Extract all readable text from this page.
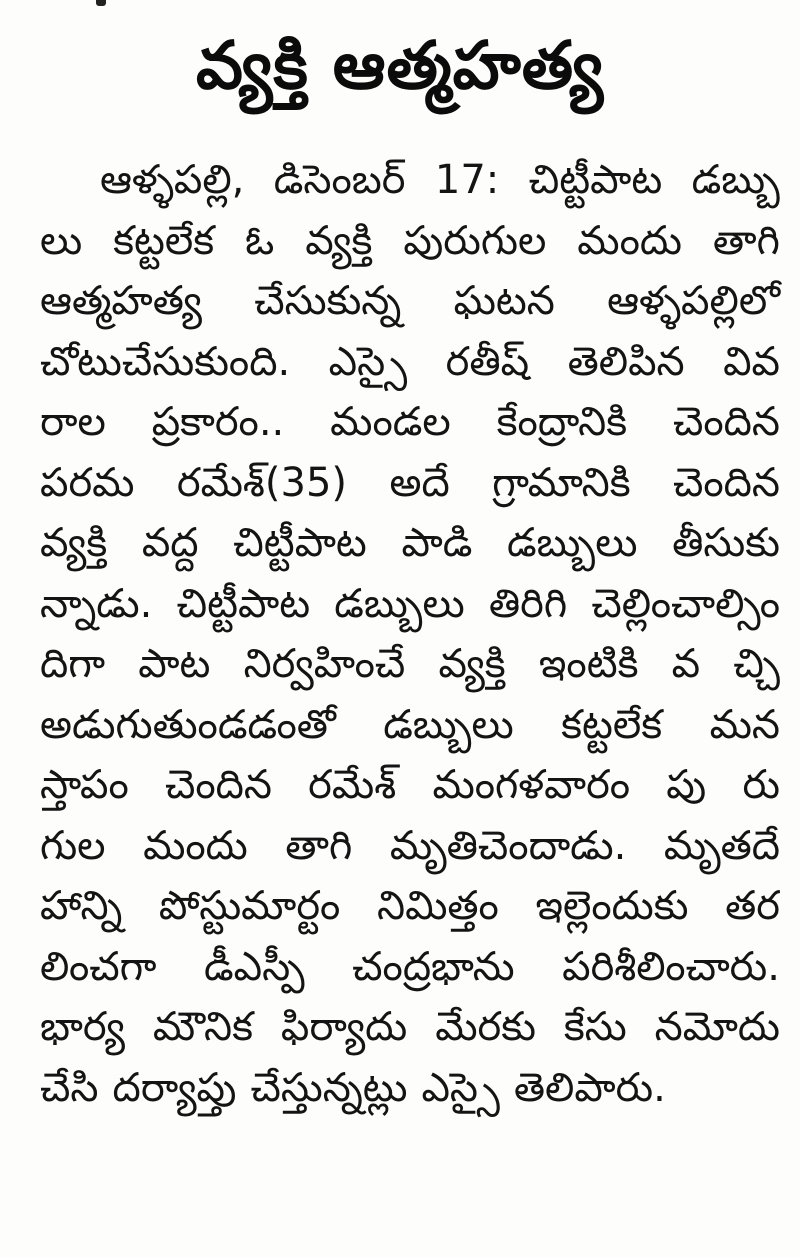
వ్యక్తి ఆత్మహత్య
ఆళ్ళపల్లి, డిసెంబర్ 17: చిట్టీపాట డబ్బు
లు కట్టలేక ఓ వ్యక్తి పురుగుల మందు తాగి
ఆత్మహత్య చేసుకున్న ఘటన ఆళ్ళపల్లిలో
చోటుచేసుకుంది. ఎస్సై రతీష్ తెలిపిన వివ
రాల ప్రకారం.. మండల కేంద్రానికి చెందిన
పరమ రమేశ్(35) అదే గ్రామానికి చెందిన
వ్యక్తి వద్ద చిట్టీపాట పాడి డబ్బులు తీసుకు
న్నాడు. చిట్టీపాట డబ్బులు తిరిగి చెల్లించాల్సిం
దిగా పాట నిర్వహించే వ్యక్తి ఇంటికి వ చ్చి
అడుగుతుండడంతో డబ్బులు కట్టలేక మన
స్తాపం చెందిన రమేశ్ మంగళవారం పు రు
గుల మందు తాగి మృతిచెందాడు. మృతదే
హాన్ని పోస్టుమార్టం నిమిత్తం ఇల్లెందుకు తర
లించగా డీఎస్పీ చంద్రభాను పరిశీలించారు.
భార్య మౌనిక ఫిర్యాదు మేరకు కేసు నమోదు
చేసి దర్యాప్తు చేస్తున్నట్లు ఎస్సై తెలిపారు.
